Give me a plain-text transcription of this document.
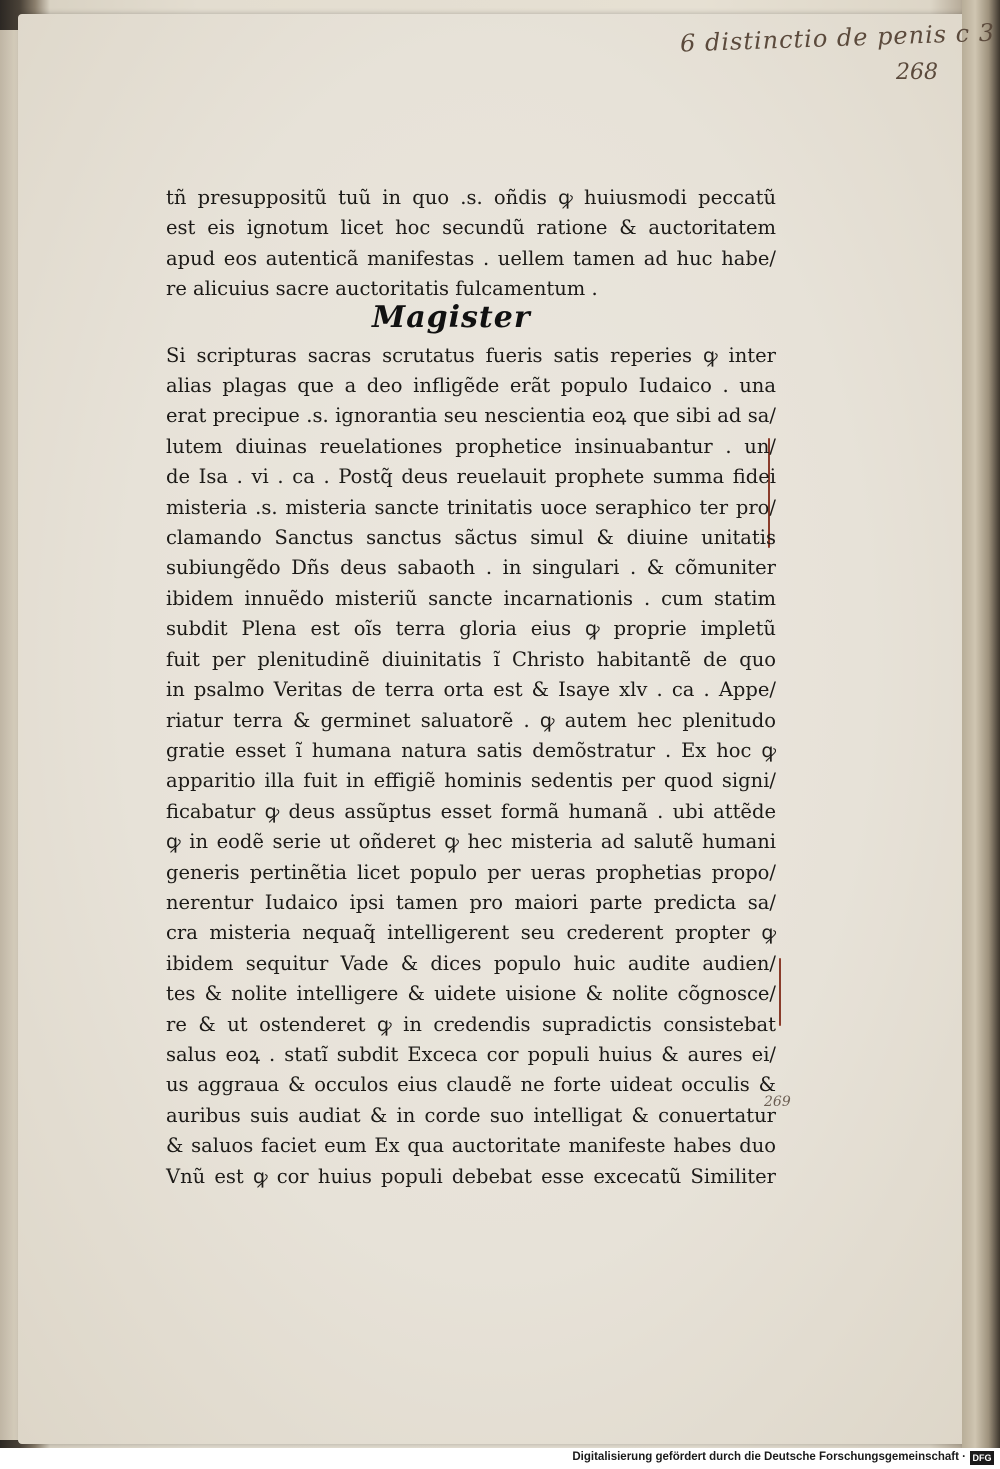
6 distinctio de penis c 3
268
269
tñ presuppositũ tuũ in quo .s. oñdis ꝙ huiusmodi peccatũ
est eis ignotum licet hoc secundũ ratione & auctoritatem
apud eos autenticã manifestas . uellem tamen ad huc habe/
re alicuius sacre auctoritatis fulcamentum .
Magister
Si scripturas sacras scrutatus fueris satis reperies ꝙ inter
alias plagas que a deo infligẽde erãt populo Iudaico . una
erat precipue .s. ignorantia seu nescientia eoꝝ que sibi ad sa/
lutem diuinas reuelationes prophetice insinuabantur . un/
de Isa . vi . ca . Postq̃ deus reuelauit prophete summa fidei
misteria .s. misteria sancte trinitatis uoce seraphico ter pro/
clamando Sanctus sanctus sãctus simul & diuine unitatis
subiungẽdo Dñs deus sabaoth . in singulari . & cõmuniter
ibidem innuẽdo misteriũ sancte incarnationis . cum statim
subdit Plena est oĩs terra gloria eius ꝙ proprie impletũ
fuit per plenitudinẽ diuinitatis ĩ Christo habitantẽ de quo
in psalmo Veritas de terra orta est & Isaye xlv . ca . Appe/
riatur terra & germinet saluatorẽ . ꝙ autem hec plenitudo
gratie esset ĩ humana natura satis demõstratur . Ex hoc ꝙ
apparitio illa fuit in effigiẽ hominis sedentis per quod signi/
ficabatur ꝙ deus assũptus esset formã humanã . ubi attẽde
ꝙ in eodẽ serie ut oñderet ꝙ hec misteria ad salutẽ humani
generis pertinẽtia licet populo per ueras prophetias propo/
nerentur Iudaico ipsi tamen pro maiori parte predicta sa/
cra misteria nequaq̃ intelligerent seu crederent propter ꝙ
ibidem sequitur Vade & dices populo huic audite audien/
tes & nolite intelligere & uidete uisione & nolite cõgnosce/
re & ut ostenderet ꝙ in credendis supradictis consistebat
salus eoꝝ . statĩ subdit Exceca cor populi huius & aures ei/
us aggraua & occulos eius claudẽ ne forte uideat occulis &
auribus suis audiat & in corde suo intelligat & conuertatur
& saluos faciet eum Ex qua auctoritate manifeste habes duo
Vnũ est ꝙ cor huius populi debebat esse excecatũ Similiter
Digitalisierung gefördert durch die Deutsche Forschungsgemeinschaft · DFG
